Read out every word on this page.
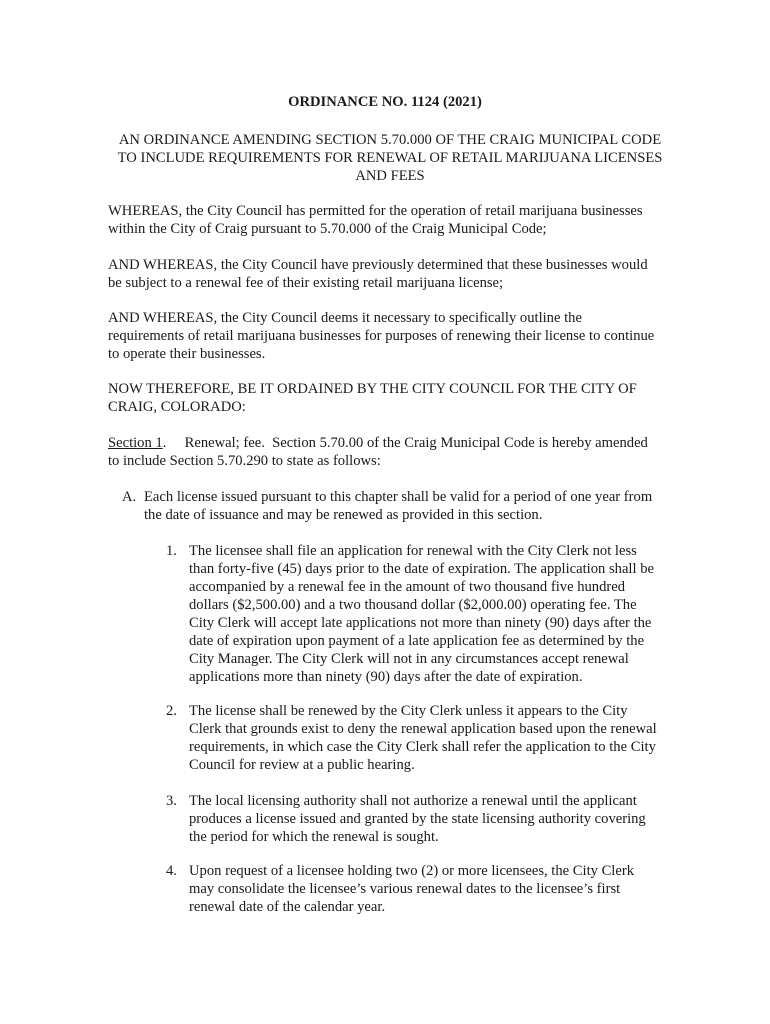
ORDINANCE NO. 1124 (2021)
AN ORDINANCE AMENDING SECTION 5.70.000 OF THE CRAIG MUNICIPAL CODE
TO INCLUDE REQUIREMENTS FOR RENEWAL OF RETAIL MARIJUANA LICENSES
AND FEES
WHEREAS, the City Council has permitted for the operation of retail marijuana businesses
within the City of Craig pursuant to 5.70.000 of the Craig Municipal Code;
AND WHEREAS, the City Council have previously determined that these businesses would
be subject to a renewal fee of their existing retail marijuana license;
AND WHEREAS, the City Council deems it necessary to specifically outline the
requirements of retail marijuana businesses for purposes of renewing their license to continue
to operate their businesses.
NOW THEREFORE, BE IT ORDAINED BY THE CITY COUNCIL FOR THE CITY OF
CRAIG, COLORADO:
Section 1.     Renewal; fee.  Section 5.70.00 of the Craig Municipal Code is hereby amended
to include Section 5.70.290 to state as follows:
A. Each license issued pursuant to this chapter shall be valid for a period of one year from
the date of issuance and may be renewed as provided in this section.
1. The licensee shall file an application for renewal with the City Clerk not less
than forty-five (45) days prior to the date of expiration. The application shall be
accompanied by a renewal fee in the amount of two thousand five hundred
dollars ($2,500.00) and a two thousand dollar ($2,000.00) operating fee. The
City Clerk will accept late applications not more than ninety (90) days after the
date of expiration upon payment of a late application fee as determined by the
City Manager. The City Clerk will not in any circumstances accept renewal
applications more than ninety (90) days after the date of expiration.
2. The license shall be renewed by the City Clerk unless it appears to the City
Clerk that grounds exist to deny the renewal application based upon the renewal
requirements, in which case the City Clerk shall refer the application to the City
Council for review at a public hearing.
3. The local licensing authority shall not authorize a renewal until the applicant
produces a license issued and granted by the state licensing authority covering
the period for which the renewal is sought.
4. Upon request of a licensee holding two (2) or more licensees, the City Clerk
may consolidate the licensee’s various renewal dates to the licensee’s first
renewal date of the calendar year.
